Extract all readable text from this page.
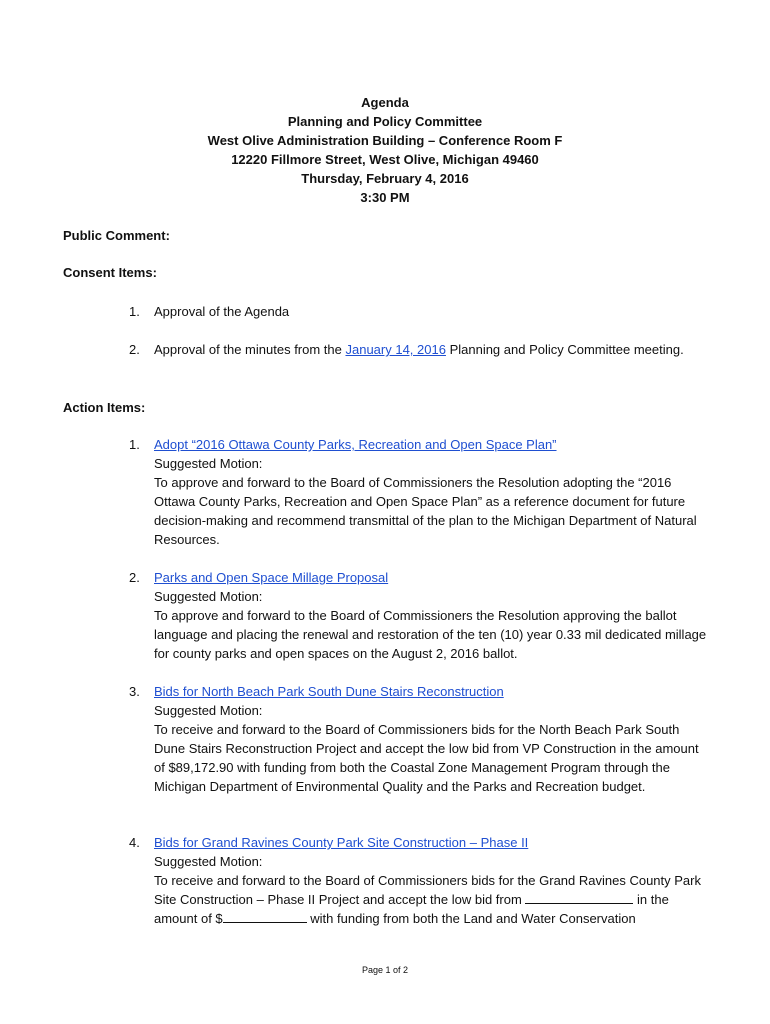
Agenda
Planning and Policy Committee
West Olive Administration Building – Conference Room F
12220 Fillmore Street, West Olive, Michigan 49460
Thursday, February 4, 2016
3:30 PM
Public Comment:
Consent Items:
1.	Approval of the Agenda
2.	Approval of the minutes from the January 14, 2016 Planning and Policy Committee meeting.
Action Items:
1.	Adopt “2016 Ottawa County Parks, Recreation and Open Space Plan”
Suggested Motion:
To approve and forward to the Board of Commissioners the Resolution adopting the “2016 Ottawa County Parks, Recreation and Open Space Plan” as a reference document for future decision-making and recommend transmittal of the plan to the Michigan Department of Natural Resources.
2.	Parks and Open Space Millage Proposal
Suggested Motion:
To approve and forward to the Board of Commissioners the Resolution approving the ballot language and placing the renewal and restoration of the ten (10) year 0.33 mil dedicated millage for county parks and open spaces on the August 2, 2016 ballot.
3.	Bids for North Beach Park South Dune Stairs Reconstruction
Suggested Motion:
To receive and forward to the Board of Commissioners bids for the North Beach Park South Dune Stairs Reconstruction Project and accept the low bid from VP Construction in the amount of $89,172.90 with funding from both the Coastal Zone Management Program through the Michigan Department of Environmental Quality and the Parks and Recreation budget.
4.	Bids for Grand Ravines County Park Site Construction – Phase II
Suggested Motion:
To receive and forward to the Board of Commissioners bids for the Grand Ravines County Park Site Construction – Phase II Project and accept the low bid from	in the amount of $	with funding from both the Land and Water Conservation
Page 1 of 2
